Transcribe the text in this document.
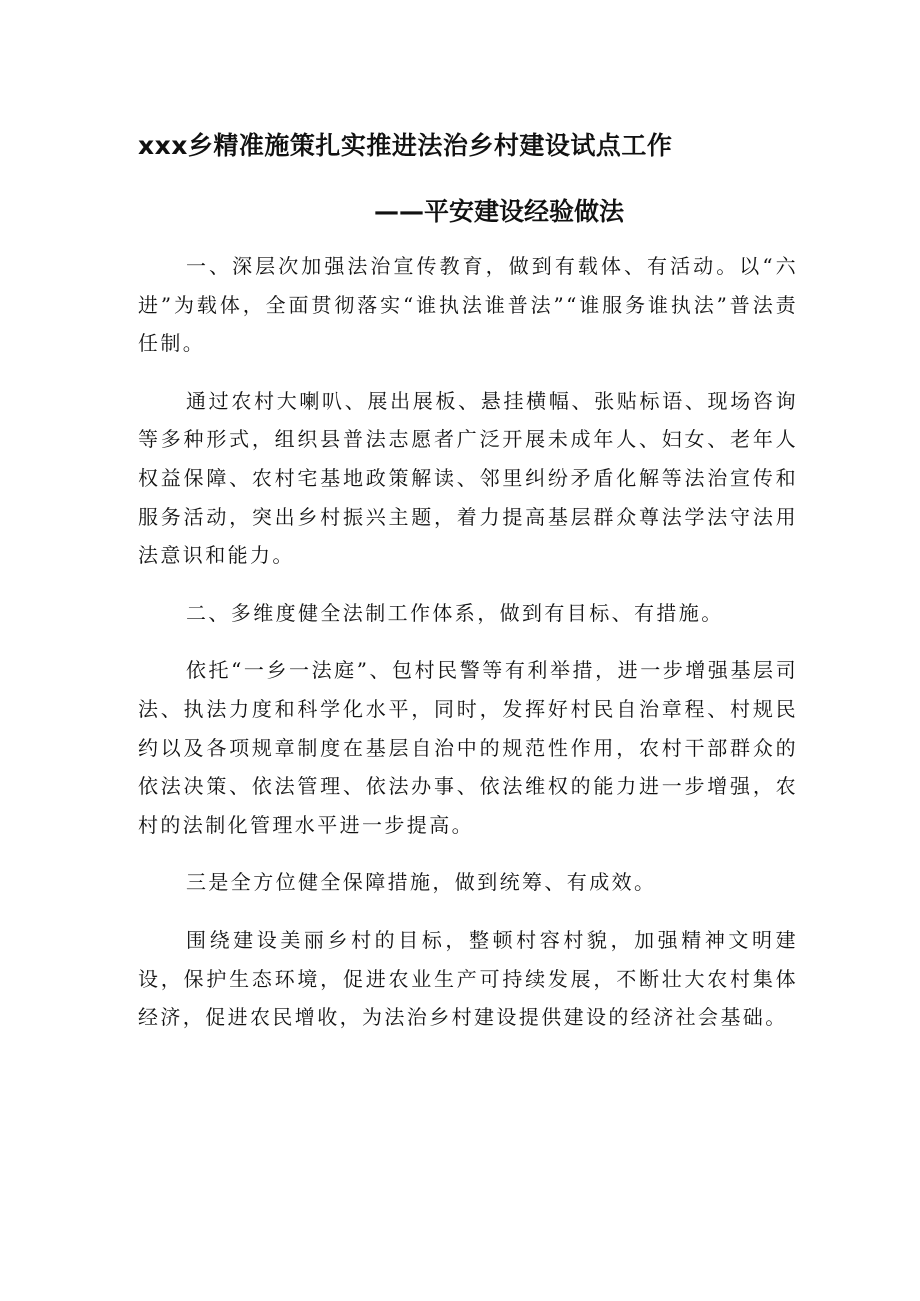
xxx乡精准施策扎实推进法治乡村建设试点工作
——平安建设经验做法

一、深层次加强法治宣传教育，做到有载体、有活动。以“六进”为载体，全面贯彻落实“谁执法谁普法”“谁服务谁执法”普法责任制。

通过农村大喇叭、展出展板、悬挂横幅、张贴标语、现场咨询等多种形式，组织县普法志愿者广泛开展未成年人、妇女、老年人权益保障、农村宅基地政策解读、邻里纠纷矛盾化解等法治宣传和服务活动，突出乡村振兴主题，着力提高基层群众尊法学法守法用法意识和能力。

二、多维度健全法制工作体系，做到有目标、有措施。

依托“一乡一法庭”、包村民警等有利举措，进一步增强基层司法、执法力度和科学化水平，同时，发挥好村民自治章程、村规民约以及各项规章制度在基层自治中的规范性作用，农村干部群众的依法决策、依法管理、依法办事、依法维权的能力进一步增强，农村的法制化管理水平进一步提高。

三是全方位健全保障措施，做到统筹、有成效。

围绕建设美丽乡村的目标，整顿村容村貌，加强精神文明建设，保护生态环境，促进农业生产可持续发展，不断壮大农村集体经济，促进农民增收，为法治乡村建设提供建设的经济社会基础。
